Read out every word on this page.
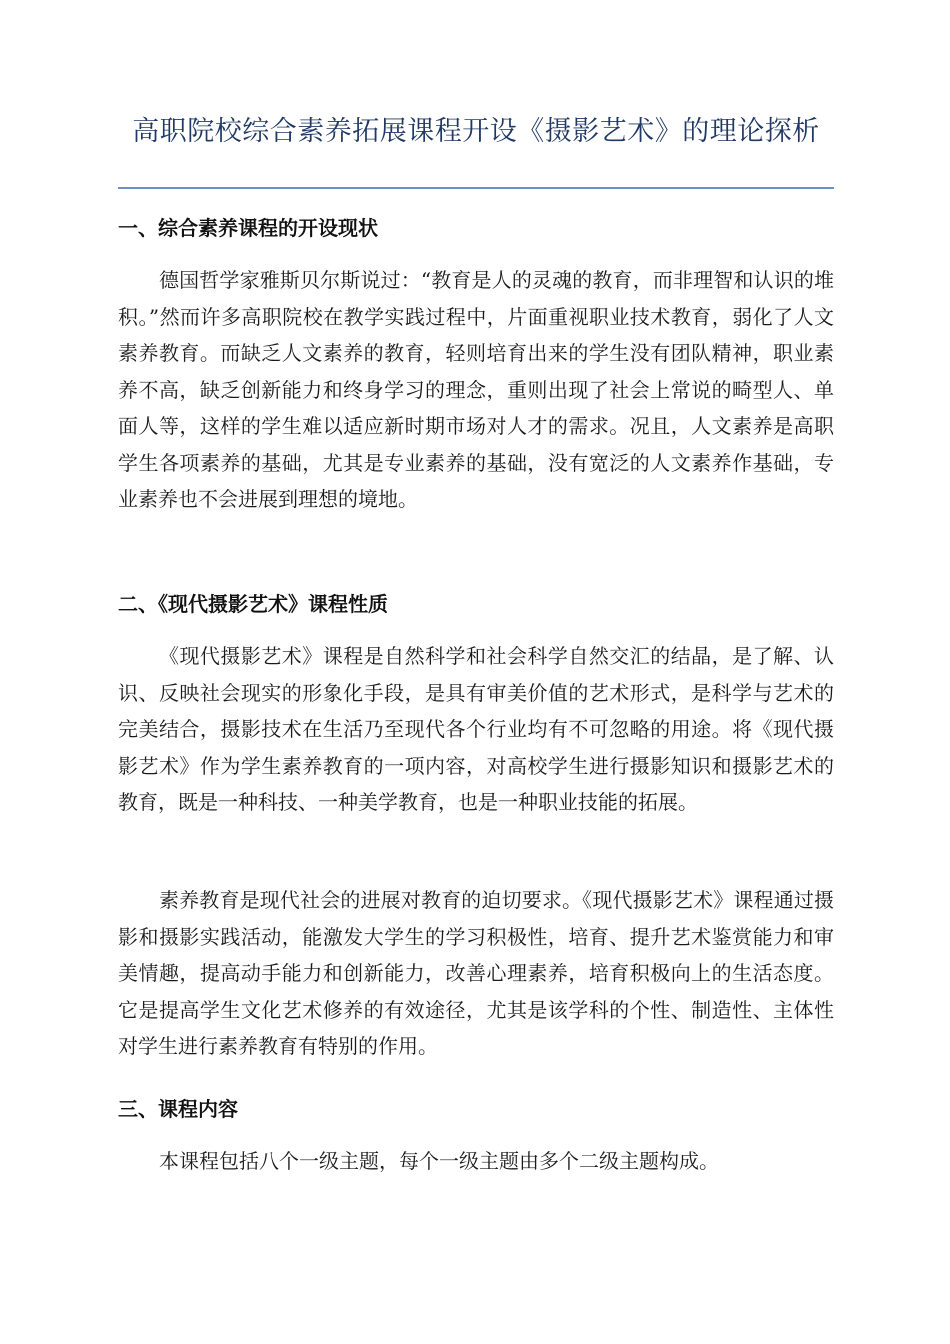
高职院校综合素养拓展课程开设《摄影艺术》的理论探析
一、综合素养课程的开设现状
德国哲学家雅斯贝尔斯说过：“教育是人的灵魂的教育，而非理智和认识的堆积。”然而许多高职院校在教学实践过程中，片面重视职业技术教育，弱化了人文素养教育。而缺乏人文素养的教育，轻则培育出来的学生没有团队精神，职业素养不高，缺乏创新能力和终身学习的理念，重则出现了社会上常说的畸型人、单面人等，这样的学生难以适应新时期市场对人才的需求。况且，人文素养是高职学生各项素养的基础，尤其是专业素养的基础，没有宽泛的人文素养作基础，专业素养也不会进展到理想的境地。
二、《现代摄影艺术》课程性质
《现代摄影艺术》课程是自然科学和社会科学自然交汇的结晶，是了解、认识、反映社会现实的形象化手段，是具有审美价值的艺术形式，是科学与艺术的完美结合，摄影技术在生活乃至现代各个行业均有不可忽略的用途。将《现代摄影艺术》作为学生素养教育的一项内容，对高校学生进行摄影知识和摄影艺术的教育，既是一种科技、一种美学教育，也是一种职业技能的拓展。
素养教育是现代社会的进展对教育的迫切要求。《现代摄影艺术》课程通过摄影和摄影实践活动，能激发大学生的学习积极性，培育、提升艺术鉴赏能力和审美情趣，提高动手能力和创新能力，改善心理素养，培育积极向上的生活态度。它是提高学生文化艺术修养的有效途径，尤其是该学科的个性、制造性、主体性对学生进行素养教育有特别的作用。
三、课程内容
本课程包括八个一级主题，每个一级主题由多个二级主题构成。
